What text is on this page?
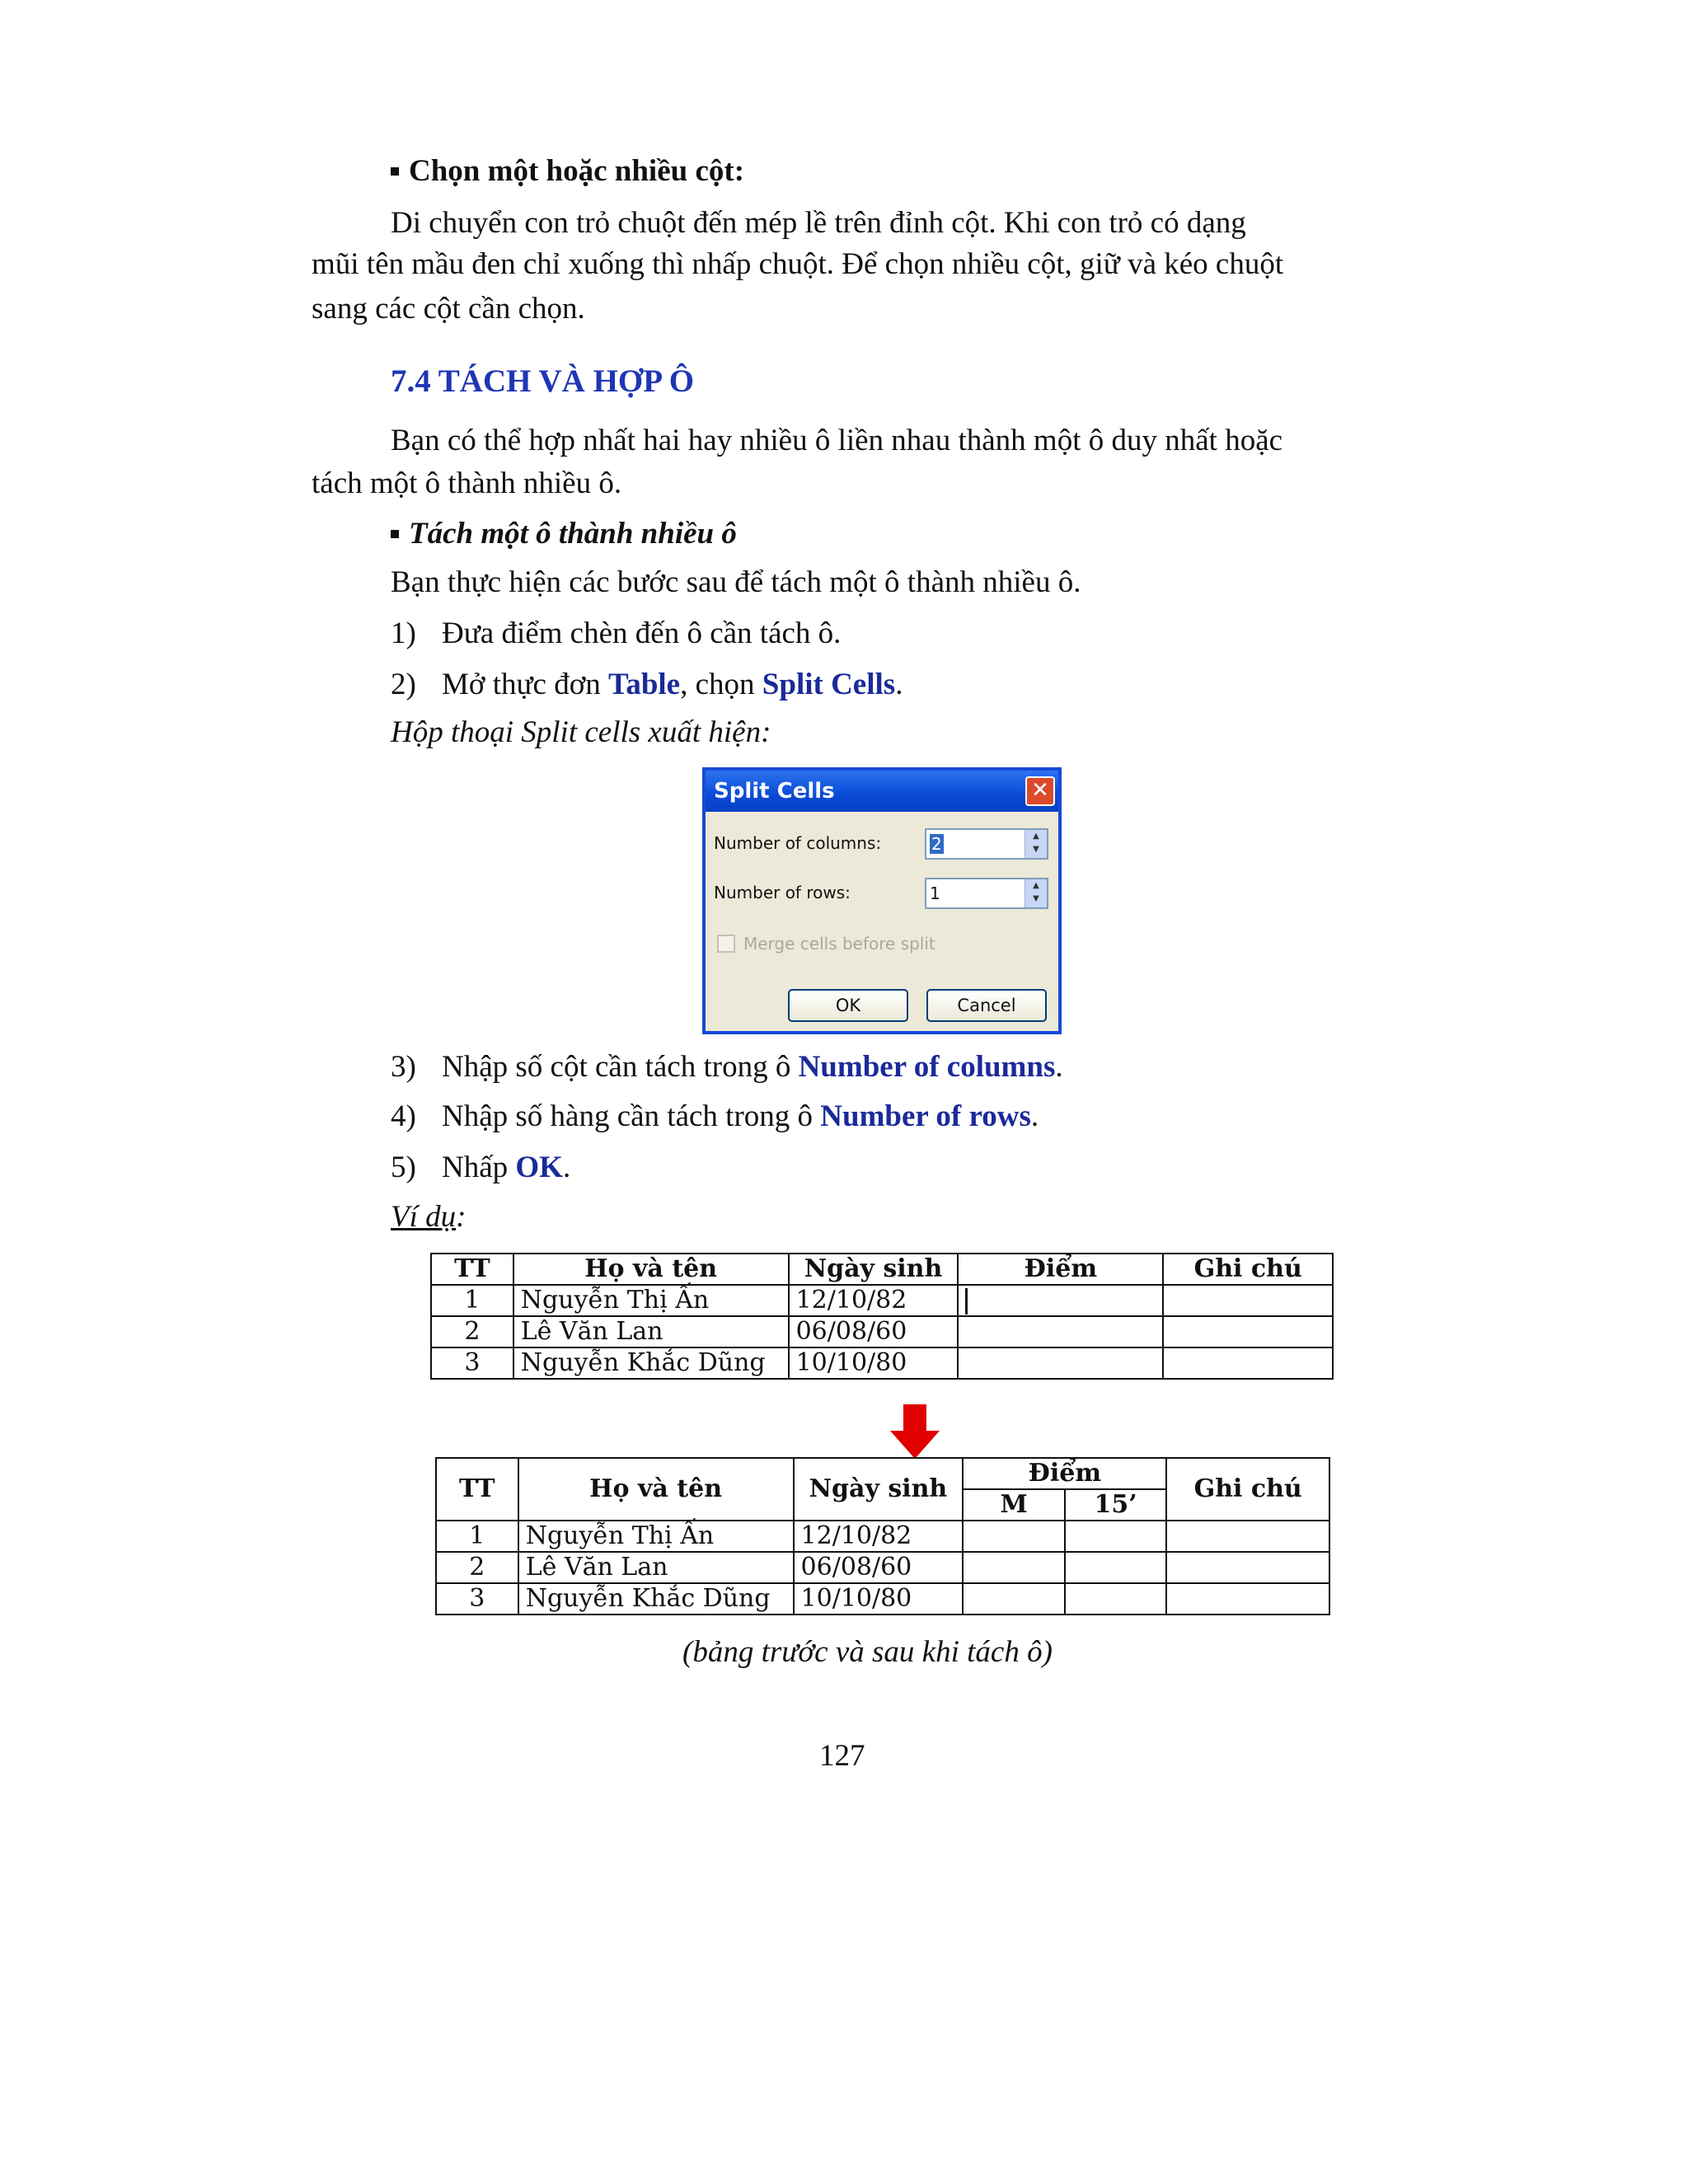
Chọn một hoặc nhiều cột:
Di chuyển con trỏ chuột đến mép lề trên đỉnh cột. Khi con trỏ có dạng
mũi tên mầu đen chỉ xuống thì nhấp chuột. Để chọn nhiều cột, giữ và kéo chuột
sang các cột cần chọn.
7.4 TÁCH VÀ HỢP Ô
Bạn có thể hợp nhất hai hay nhiều ô liền nhau thành một ô duy nhất hoặc
tách một ô thành nhiều ô.
Tách một ô thành nhiều ô
Bạn thực hiện các bước sau để tách một ô thành nhiều ô.
1) Đưa điểm chèn đến ô cần tách ô.
2) Mở thực đơn Table, chọn Split Cells.
Hộp thoại Split cells xuất hiện:
Split Cells	✕
Number of columns:	2	▲
▼
Number of rows:	1	▲
▼
Merge cells before split
OK	Cancel
3) Nhập số cột cần tách trong ô Number of columns.
4) Nhập số hàng cần tách trong ô Number of rows.
5) Nhấp OK.
Ví dụ:
TT	Họ và tên	Ngày sinh	Điểm	Ghi chú
1	Nguyễn Thị Ấn	12/10/82		
2	Lê Văn Lan	06/08/60		
3	Nguyễn Khắc Dũng	10/10/80		
TT	Họ và tên	Ngày sinh	Điểm		Ghi chú
			M	15’	
1	Nguyễn Thị Ấn	12/10/82			
2	Lê Văn Lan	06/08/60			
3	Nguyễn Khắc Dũng	10/10/80			
(bảng trước và sau khi tách ô)
127
